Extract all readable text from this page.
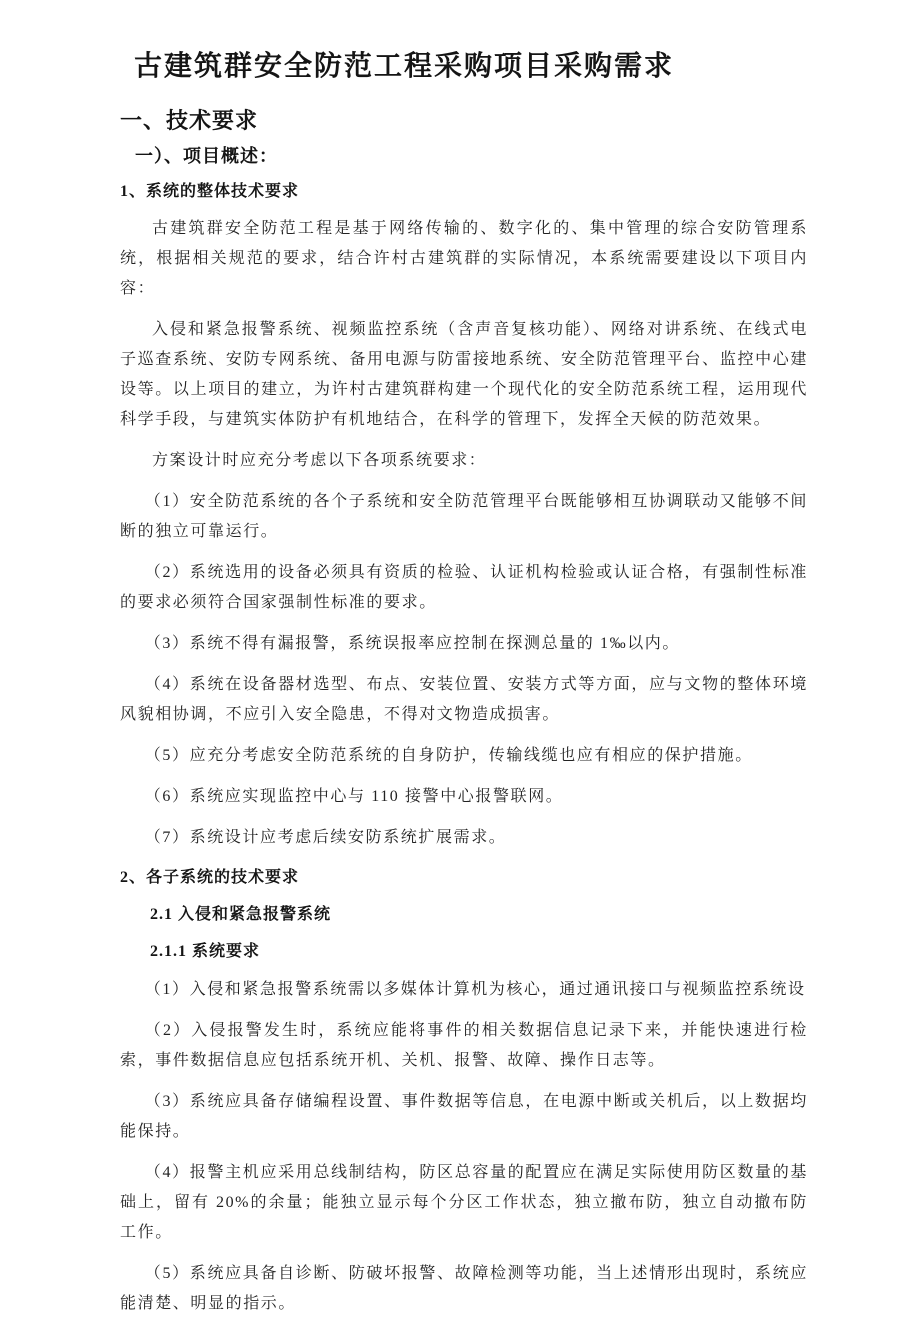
古建筑群安全防范工程采购项目采购需求
一、技术要求
一）、项目概述：
1、系统的整体技术要求

古建筑群安全防范工程是基于网络传输的、数字化的、集中管理的综合安防管理系 统，根据相关规范的要求，结合许村古建筑群的实际情况，本系统需要建设以下项目内容：

入侵和紧急报警系统、视频监控系统（含声音复核功能）、网络对讲系统、在线式电子巡查系统、安防专网系统、备用电源与防雷接地系统、安全防范管理平台、监控中心建设等。以上项目的建立，为许村古建筑群构建一个现代化的安全防范系统工程，运用现代科学手段，与建筑实体防护有机地结合，在科学的管理下，发挥全天候的防范效果。

方案设计时应充分考虑以下各项系统要求：

（1）安全防范系统的各个子系统和安全防范管理平台既能够相互协调联动又能够不间断的独立可靠运行。

（2）系统选用的设备必须具有资质的检验、认证机构检验或认证合格，有强制性标准的要求必须符合国家强制性标准的要求。

（3）系统不得有漏报警，系统误报率应控制在探测总量的 1‰以内。

（4）系统在设备器材选型、布点、安装位置、安装方式等方面，应与文物的整体环境风貌相协调，不应引入安全隐患，不得对文物造成损害。

（5）应充分考虑安全防范系统的自身防护，传输线缆也应有相应的保护措施。

（6）系统应实现监控中心与 110 接警中心报警联网。

（7）系统设计应考虑后续安防系统扩展需求。

2、各子系统的技术要求
2.1 入侵和紧急报警系统
2.1.1 系统要求

（1）入侵和紧急报警系统需以多媒体计算机为核心，通过通讯接口与视频监控系统设

（2）入侵报警发生时，系统应能将事件的相关数据信息记录下来，并能快速进行检索，事件数据信息应包括系统开机、关机、报警、故障、操作日志等。

（3）系统应具备存储编程设置、事件数据等信息，在电源中断或关机后，以上数据均能保持。

（4）报警主机应采用总线制结构，防区总容量的配置应在满足实际使用防区数量的基础上，留有 20%的余量；能独立显示每个分区工作状态，独立撤布防，独立自动撤布防工作。

（5）系统应具备自诊断、防破坏报警、故障检测等功能，当上述情形出现时，系统应能清楚、明显的指示。
